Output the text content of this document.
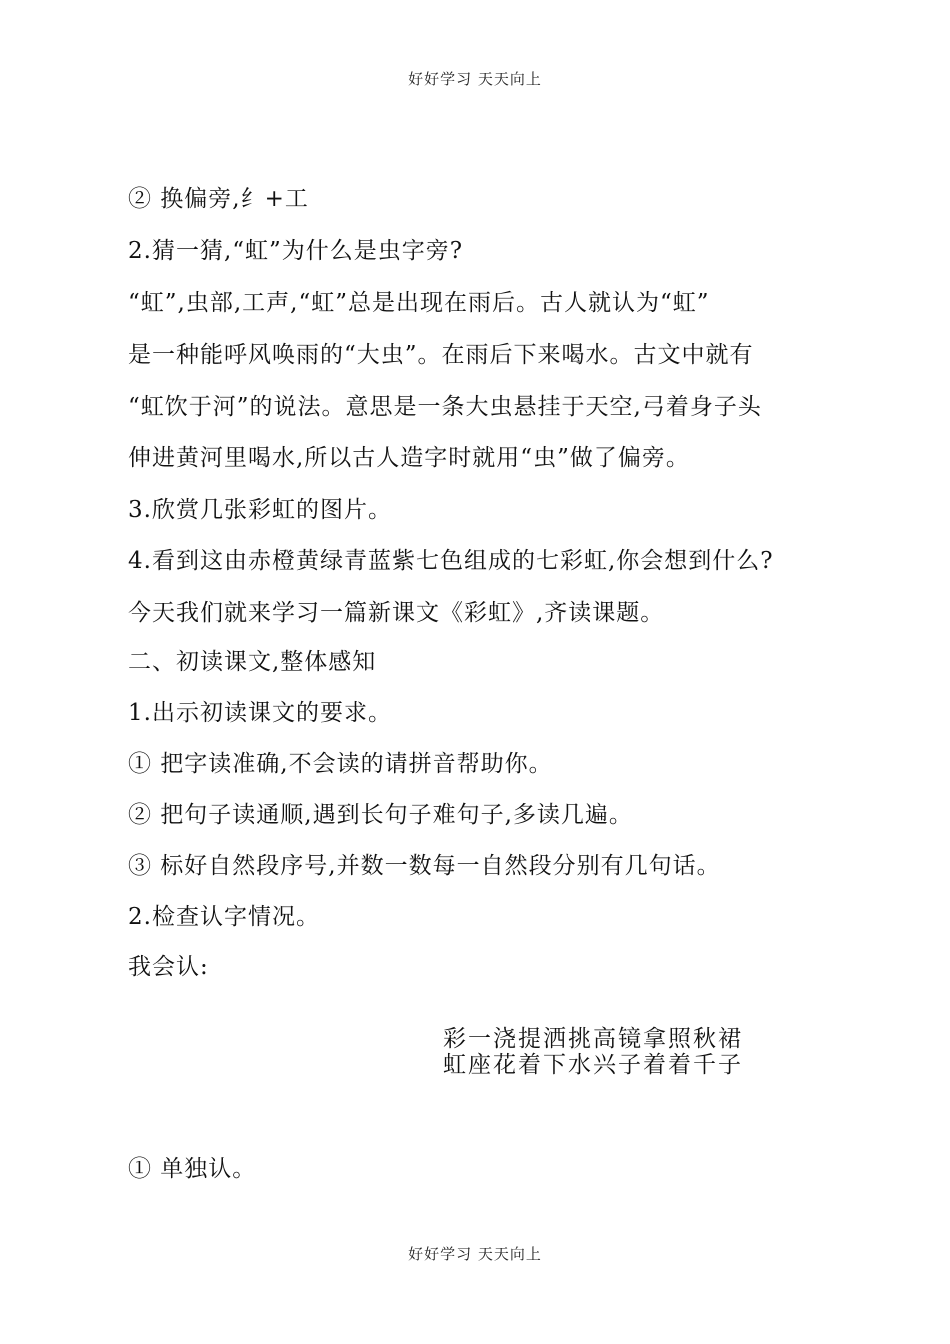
好好学习 天天向上
② 换偏旁,纟+工
2.猜一猜,“虹”为什么是虫字旁?
“虹”,虫部,工声,“虹”总是出现在雨后。古人就认为“虹”
是一种能呼风唤雨的“大虫”。在雨后下来喝水。古文中就有
“虹饮于河”的说法。意思是一条大虫悬挂于天空,弓着身子头
伸进黄河里喝水,所以古人造字时就用“虫”做了偏旁。
3.欣赏几张彩虹的图片。
4.看到这由赤橙黄绿青蓝紫七色组成的七彩虹,你会想到什么?
今天我们就来学习一篇新课文《彩虹》,齐读课题。
二、初读课文,整体感知
1.出示初读课文的要求。
① 把字读准确,不会读的请拼音帮助你。
② 把句子读通顺,遇到长句子难句子,多读几遍。
③ 标好自然段序号,并数一数每一自然段分别有几句话。
2.检查认字情况。
我会认:
彩一浇提洒挑高镜拿照秋裙
虹座花着下水兴子着着千子
① 单独认。
好好学习 天天向上
